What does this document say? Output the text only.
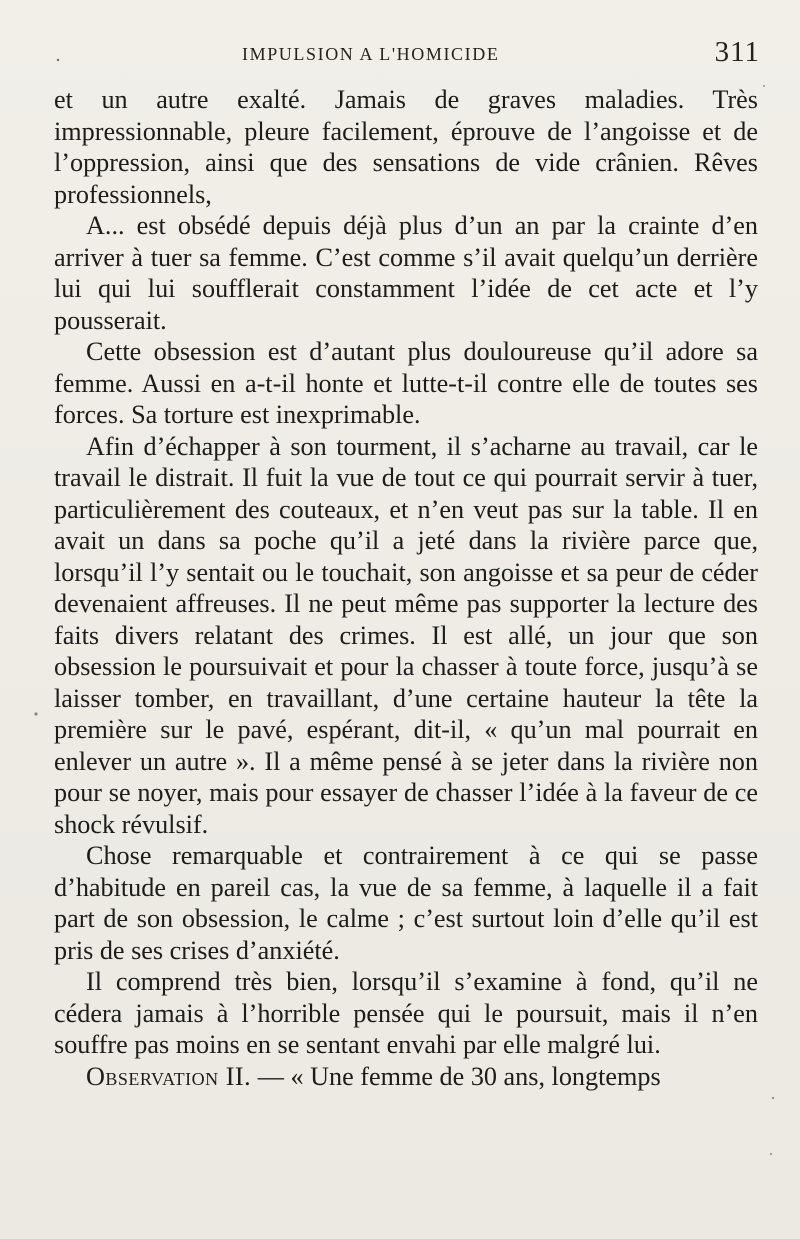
IMPULSION A L'HOMICIDE	311

et un autre exalté. Jamais de graves maladies. Très impressionnable, pleure facilement, éprouve de l’angoisse et de l’oppression, ainsi que des sensations de vide crânien. Rêves professionnels,

A... est obsédé depuis déjà plus d’un an par la crainte d’en arriver à tuer sa femme. C’est comme s’il avait quelqu’un derrière lui qui lui soufflerait constamment l’idée de cet acte et l’y pousserait.

Cette obsession est d’autant plus douloureuse qu’il adore sa femme. Aussi en a-t-il honte et lutte-t-il contre elle de toutes ses forces. Sa torture est inexprimable.

Afin d’échapper à son tourment, il s’acharne au travail, car le travail le distrait. Il fuit la vue de tout ce qui pourrait servir à tuer, particulièrement des couteaux, et n’en veut pas sur la table. Il en avait un dans sa poche qu’il a jeté dans la rivière parce que, lorsqu’il l’y sentait ou le touchait, son angoisse et sa peur de céder devenaient affreuses. Il ne peut même pas supporter la lecture des faits divers relatant des crimes. Il est allé, un jour que son obsession le poursuivait et pour la chasser à toute force, jusqu’à se laisser tomber, en travaillant, d’une certaine hauteur la tête la première sur le pavé, espérant, dit-il, « qu’un mal pourrait en enlever un autre ». Il a même pensé à se jeter dans la rivière non pour se noyer, mais pour essayer de chasser l’idée à la faveur de ce shock révulsif.

Chose remarquable et contrairement à ce qui se passe d’habitude en pareil cas, la vue de sa femme, à laquelle il a fait part de son obsession, le calme ; c’est surtout loin d’elle qu’il est pris de ses crises d’anxiété.

Il comprend très bien, lorsqu’il s’examine à fond, qu’il ne cédera jamais à l’horrible pensée qui le poursuit, mais il n’en souffre pas moins en se sentant envahi par elle malgré lui.

Observation II. — « Une femme de 30 ans, longtemps
